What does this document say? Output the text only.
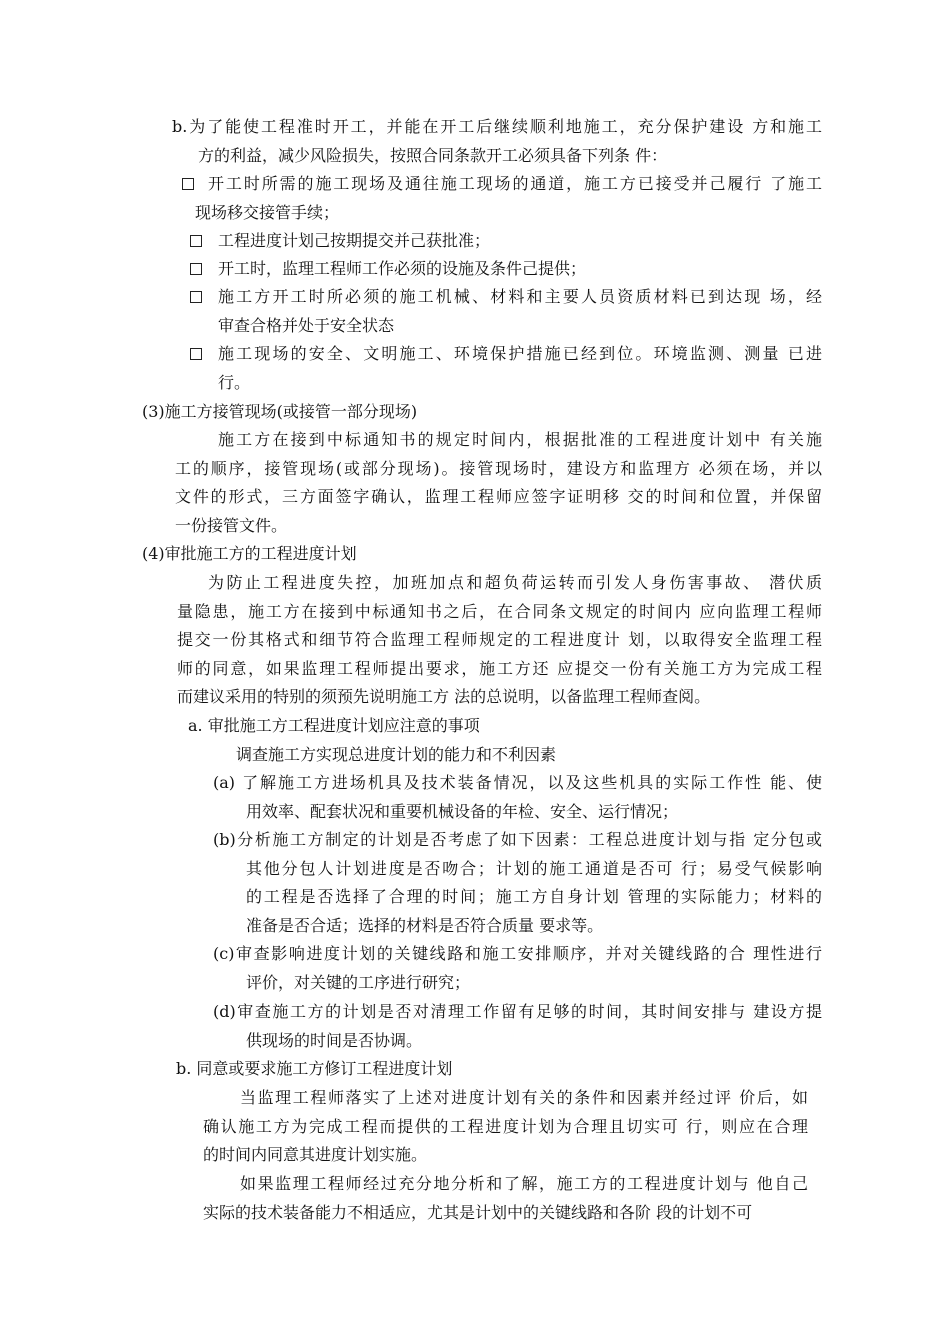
b.为了能使工程准时开工，并能在开工后继续顺利地施工，充分保护建设 方和施工
方的利益，减少风险损失，按照合同条款开工必须具备下列条 件：
开工时所需的施工现场及通往施工现场的通道，施工方已接受并己履行 了施工
现场移交接管手续；
工程进度计划己按期提交并己获批准；
开工时，监理工程师工作必须的设施及条件己提供；
施工方开工时所必须的施工机械、材料和主要人员资质材料已到达现 场，经
审查合格并处于安全状态
施工现场的安全、文明施工、环境保护措施已经到位。环境监测、测量 已进
行。
(3)施工方接管现场(或接管一部分现场)
施工方在接到中标通知书的规定时间内，根据批准的工程进度计划中 有关施
工的顺序，接管现场(或部分现场)。接管现场时，建设方和监理方 必须在场，并以
文件的形式，三方面签字确认，监理工程师应签字证明移 交的时间和位置，并保留
一份接管文件。
(4)审批施工方的工程进度计划
为防止工程进度失控，加班加点和超负荷运转而引发人身伤害事故、 潜伏质
量隐患，施工方在接到中标通知书之后，在合同条文规定的时间内 应向监理工程师
提交一份其格式和细节符合监理工程师规定的工程进度计 划，以取得安全监理工程
师的同意，如果监理工程师提出要求，施工方还 应提交一份有关施工方为完成工程
而建议采用的特别的须预先说明施工方 法的总说明，以备监理工程师查阅。
a. 审批施工方工程进度计划应注意的事项
调查施工方实现总进度计划的能力和不利因素
(a) 了解施工方进场机具及技术装备情况，以及这些机具的实际工作性 能、使
用效率、配套状况和重要机械设备的年检、安全、运行情况；
(b)分析施工方制定的计划是否考虑了如下因素：工程总进度计划与指 定分包或
其他分包人计划进度是否吻合；计划的施工通道是否可 行；易受气候影响
的工程是否选择了合理的时间；施工方自身计划 管理的实际能力；材料的
准备是否合适；选择的材料是否符合质量 要求等。
(c)审查影响进度计划的关键线路和施工安排顺序，并对关键线路的合 理性进行
评价，对关键的工序进行研究；
(d)审查施工方的计划是否对清理工作留有足够的时间，其时间安排与 建设方提
供现场的时间是否协调。
b. 同意或要求施工方修订工程进度计划
当监理工程师落实了上述对进度计划有关的条件和因素并经过评 价后，如
确认施工方为完成工程而提供的工程进度计划为合理且切实可 行，则应在合理
的时间内同意其进度计划实施。
如果监理工程师经过充分地分析和了解，施工方的工程进度计划与 他自己
实际的技术装备能力不相适应，尤其是计划中的关键线路和各阶 段的计划不可
